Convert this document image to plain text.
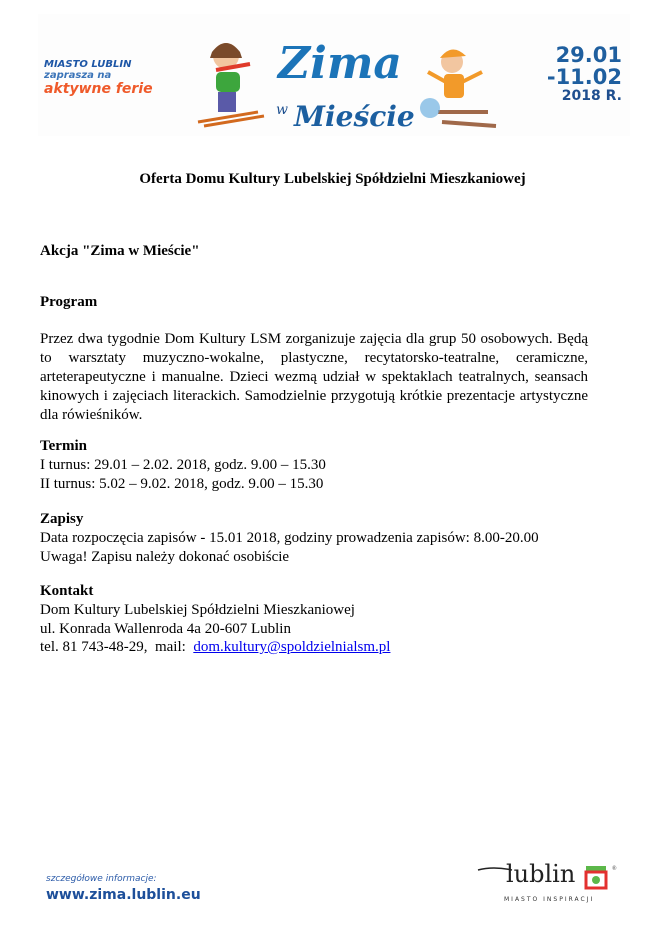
MIASTO LUBLIN
zaprasza na
aktywne ferie	Zima
w Mieście
29.01
-11.02
2018 R.
Oferta Domu Kultury Lubelskiej Spółdzielni Mieszkaniowej
Akcja "Zima w Mieście"
Program
Przez dwa tygodnie Dom Kultury LSM zorganizuje zajęcia dla grup 50 osobowych. Będą to warsztaty muzyczno-wokalne, plastyczne, recytatorsko-teatralne, ceramiczne, arteterapeutyczne i manualne. Dzieci wezmą udział w spektaklach teatralnych, seansach kinowych i zajęciach literackich. Samodzielnie przygotują krótkie prezentacje artystyczne dla rówieśników.
Termin
I turnus: 29.01 – 2.02. 2018, godz. 9.00 – 15.30
II turnus: 5.02 – 9.02. 2018, godz. 9.00 – 15.30
Zapisy
Data rozpoczęcia zapisów - 15.01 2018, godziny prowadzenia zapisów: 8.00-20.00
Uwaga! Zapisu należy dokonać osobiście
Kontakt
Dom Kultury Lubelskiej Spółdzielni Mieszkaniowej
ul. Konrada Wallenroda 4a 20-607 Lublin
tel. 81 743-48-29,  mail:  dom.kultury@spoldzielnialsm.pl
szczegółowe informacje:
www.zima.lublin.eu
®
lublin
MIASTO INSPIRACJI
